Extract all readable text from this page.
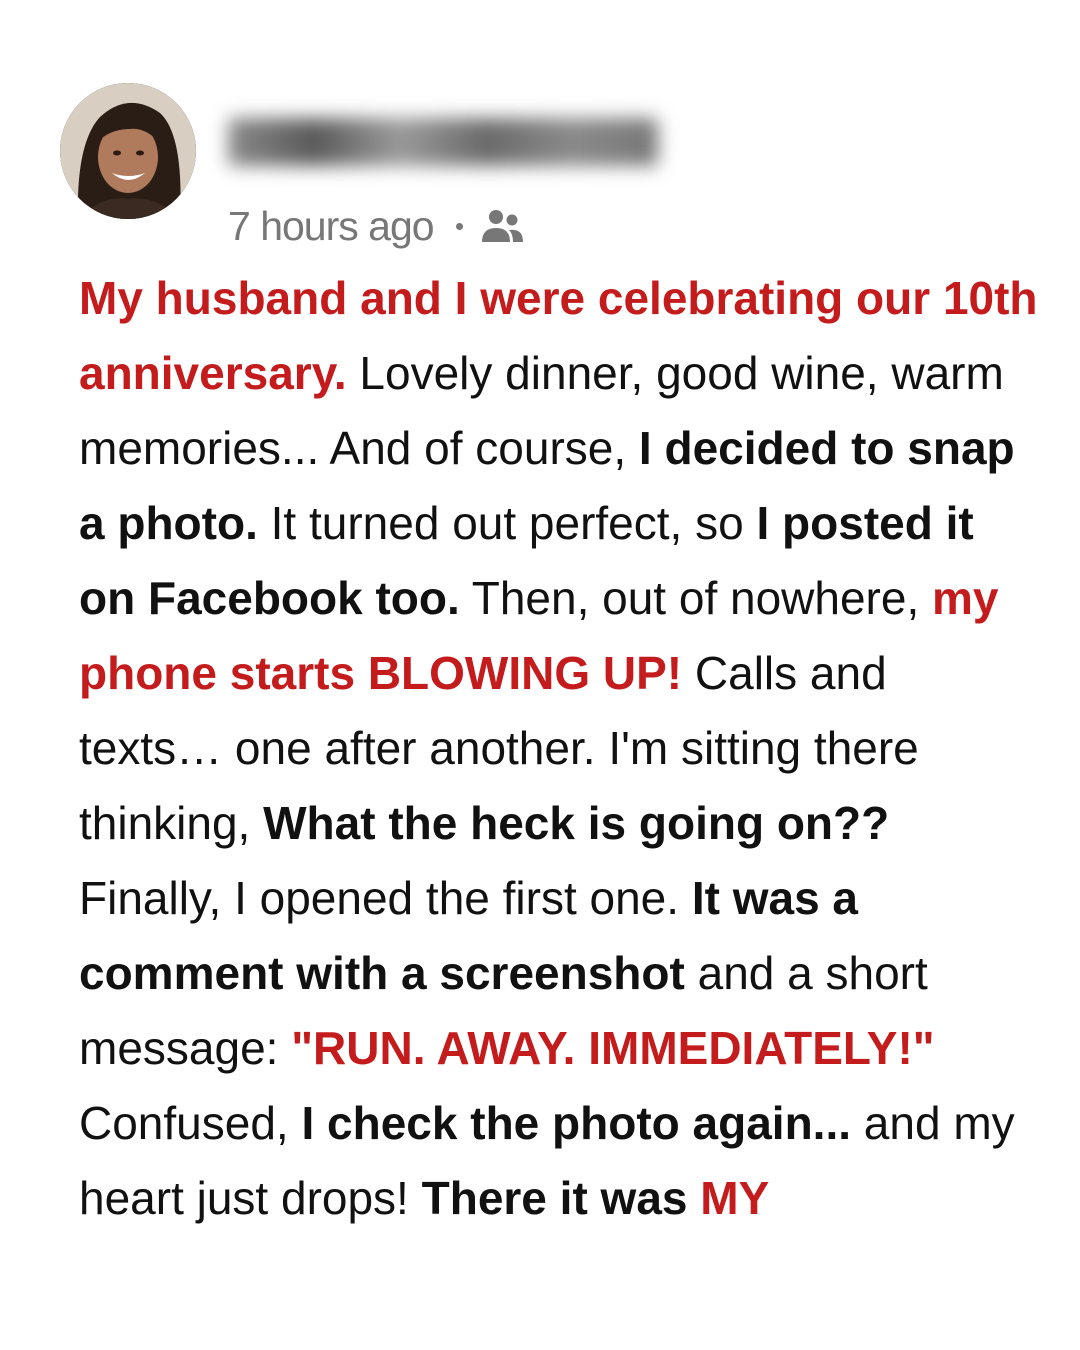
7 hours ago

My husband and I were celebrating our 10th anniversary. Lovely dinner, good wine, warm memories... And of course, I decided to snap a photo. It turned out perfect, so I posted it on Facebook too. Then, out of nowhere, my phone starts BLOWING UP! Calls and texts… one after another. I'm sitting there thinking, What the heck is going on?? Finally, I opened the first one. It was a comment with a screenshot and a short message: "RUN. AWAY. IMMEDIATELY!" Confused, I check the photo again... and my heart just drops! There it was MY
